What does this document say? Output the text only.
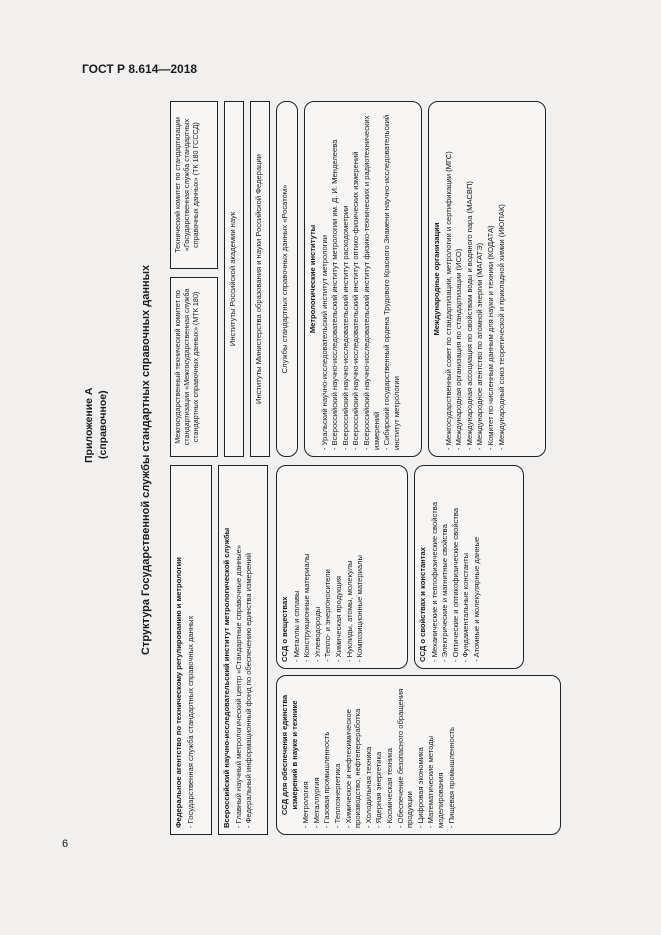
ГОСТ Р 8.614—2018
6
Приложение А (справочное)	Структура Государственной службы стандартных справочных данных
Федеральное агентство по техническому регулированию и метрологии - Государственная служба стандартных справочных данных	Всероссийский научно-исследовательский институт метрологической службы - Главный научный метрологический центр «Стандартные справочные данные» - Федеральный информационный фонд по обеспечению единства измерений	ССД для обеспечения единства измерений в науке и технике - Метрология - Металлургия - Газовая промышленность - Теплоэнергетика - Химическое и нефтехимическое производство, нефтепереработка - Холодильная техника - Ядерная энергетика - Космическая техника - Обеспечение безопасного обращения продукции - Цифровая экономика - Математические методы моделирования - Пищевая промышленность
ССД о веществах - Металлы и сплавы - Конструкционные материалы - Углеводороды - Тепло- и энергоносители - Химическая продукция - Нуклиды, атомы, молекулы - Композиционные материалы	ССД о свойствах и константах - Механические и теплофизические свойства - Электрические и магнитные свойства - Оптические и оптикофизические свойства - Фундаментальные константы - Атомные и молекулярные данные
Межгосударственный технический комитет по стандартизации «Межгосударственная служба стандартных справочных данных» (МТК 180)
Технический комитет по стандартизации «Государственная служба стандартных справочных данных» (ТК 180 ГСССД)
Институты Российской академии наук	Институты Министерства образования и науки Российской Федерации	Службы стандартных справочных данных «Росатом»	Метрологические институты - Уральский научно-исследовательский институт метрологии - Всероссийский научно-исследовательский институт метрологии им. Д. И. Менделеева - Всероссийский научно-исследовательский институт расходометрии - Всероссийский научно-исследовательский институт оптико-физических измерений - Всероссийский научно-исследовательский институт физико-технических и радиотехнических измерений - Сибирский государственный ордена Трудового Красного Знамени научно-исследовательский институт метрологии
Международные организации - Межгосударственный совет по стандартизации, метрологии и сертификации (МГС) - Международная организация по стандартизации (ИСО) - Международная ассоциация по свойствам воды и водяного пара (МАСВП) - Международное агентство по атомной энергии (МАГАТЭ) - Комитет по численным данным для науки и техники (КОДАТА) - Международный союз теоретической и прикладной химии (ИЮПАК)
